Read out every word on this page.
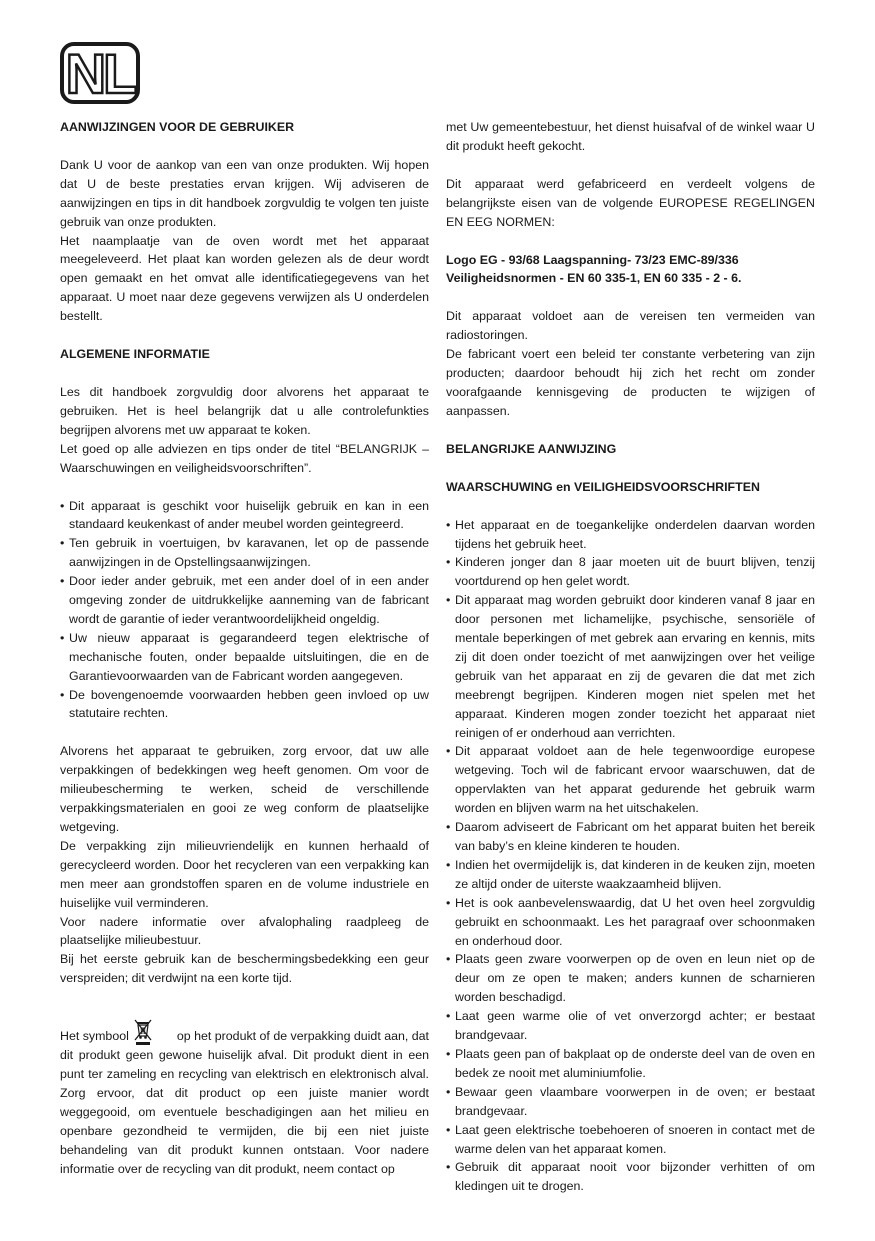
NL
AANWIJZINGEN VOOR DE GEBRUIKER

Dank U voor de aankop van een van onze produkten. Wij hopen dat U de beste prestaties ervan krijgen. Wij adviseren de aanwijzingen en tips in dit handboek zorgvuldig te volgen ten juiste gebruik van onze produkten.

Het naamplaatje van de oven wordt met het apparaat meegeleveerd. Het plaat kan worden gelezen als de deur wordt open gemaakt en het omvat alle identificatiegegevens van het apparaat. U moet naar deze gegevens verwijzen als U onderdelen bestellt.

ALGEMENE INFORMATIE

Les dit handboek zorgvuldig door alvorens het apparaat te gebruiken. Het is heel belangrijk dat u alle controlefunkties begrijpen alvorens met uw apparaat te koken.

Let goed op alle adviezen en tips onder de titel “BELANGRIJK – Waarschuwingen en veiligheidsvoorschriften”.

• Dit apparaat is geschikt voor huiselijk gebruik en kan in een standaard keukenkast of ander meubel worden geintegreerd.
• Ten gebruik in voertuigen, bv karavanen, let op de passende aanwijzingen in de Opstellingsaanwijzingen.
• Door ieder ander gebruik, met een ander doel of in een ander omgeving zonder de uitdrukkelijke aanneming van de fabricant wordt de garantie of ieder verantwoordelijkheid ongeldig.
• Uw nieuw apparaat is gegarandeerd tegen elektrische of mechanische fouten, onder bepaalde uitsluitingen, die en de Garantievoorwaarden van de Fabricant worden aangegeven.
• De bovengenoemde voorwaarden hebben geen invloed op uw statutaire rechten.

Alvorens het apparaat te gebruiken, zorg ervoor, dat uw alle verpakkingen of bedekkingen weg heeft genomen. Om voor de milieubescherming te werken, scheid de verschillende verpakkingsmaterialen en gooi ze weg conform de plaatselijke wetgeving.

De verpakking zijn milieuvriendelijk en kunnen herhaald of gerecycleerd worden. Door het recycleren van een verpakking kan men meer aan grondstoffen sparen en de volume industriele en huiselijke vuil verminderen.

Voor nadere informatie over afvalophaling raadpleeg de plaatselijke milieubestuur.

Bij het eerste gebruik kan de beschermingsbedekking een geur verspreiden; dit verdwijnt na een korte tijd.

Het symbool	op het produkt of de verpakking duidt aan, dat

dit produkt geen gewone huiselijk afval. Dit produkt dient in een punt ter zameling en recycling van elektrisch en elektronisch alval. Zorg ervoor, dat dit product op een juiste manier wordt weggegooid, om eventuele beschadigingen aan het milieu en openbare gezondheid te vermijden, die bij een niet juiste behandeling van dit produkt kunnen ontstaan. Voor nadere informatie over de recycling van dit produkt, neem contact op

met Uw gemeentebestuur, het dienst huisafval of de winkel waar U dit produkt heeft gekocht.

Dit apparaat werd gefabriceerd en verdeelt volgens de belangrijkste eisen van de volgende EUROPESE REGELINGEN EN EEG NORMEN:

Logo EG - 93/68 Laagspanning- 73/23 EMC-89/336

Veiligheidsnormen - EN 60 335-1, EN 60 335 - 2 - 6.

Dit apparaat voldoet aan de vereisen ten vermeiden van radiostoringen.

De fabricant voert een beleid ter constante verbetering van zijn producten; daardoor behoudt hij zich het recht om zonder voorafgaande kennisgeving de producten te wijzigen of aanpassen.

BELANGRIJKE AANWIJZING
WAARSCHUWING en VEILIGHEIDSVOORSCHRIFTEN
• Het apparaat en de toegankelijke onderdelen daarvan worden tijdens het gebruik heet.
• Kinderen jonger dan 8 jaar moeten uit de buurt blijven, tenzij voortdurend op hen gelet wordt.
• Dit apparaat mag worden gebruikt door kinderen vanaf 8 jaar en door personen met lichamelijke, psychische, sensoriële of mentale beperkingen of met gebrek aan ervaring en kennis, mits zij dit doen onder toezicht of met aanwijzingen over het veilige gebruik van het apparaat en zij de gevaren die dat met zich meebrengt begrijpen. Kinderen mogen niet spelen met het apparaat. Kinderen mogen zonder toezicht het apparaat niet reinigen of er onderhoud aan verrichten.
• Dit apparaat voldoet aan de hele tegenwoordige europese wetgeving. Toch wil de fabricant ervoor waarschuwen, dat de oppervlakten van het apparat gedurende het gebruik warm worden en blijven warm na het uitschakelen.
• Daarom adviseert de Fabricant om het apparat buiten het bereik van baby’s en kleine kinderen te houden.
• Indien het overmijdelijk is, dat kinderen in de keuken zijn, moeten ze altijd onder de uiterste waakzaamheid blijven.
• Het is ook aanbevelenswaardig, dat U het oven heel zorgvuldig gebruikt en schoonmaakt. Les het paragraaf over schoonmaken en onderhoud door.
• Plaats geen zware voorwerpen op de oven en leun niet op de deur om ze open te maken; anders kunnen de scharnieren worden beschadigd.
• Laat geen warme olie of vet onverzorgd achter; er bestaat brandgevaar.
• Plaats geen pan of bakplaat op de onderste deel van de oven en bedek ze nooit met aluminiumfolie.
• Bewaar geen vlaambare voorwerpen in de oven; er bestaat brandgevaar.
• Laat geen elektrische toebehoeren of snoeren in contact met de warme delen van het apparaat komen.
• Gebruik dit apparaat nooit voor bijzonder verhitten of om kledingen uit te drogen.
